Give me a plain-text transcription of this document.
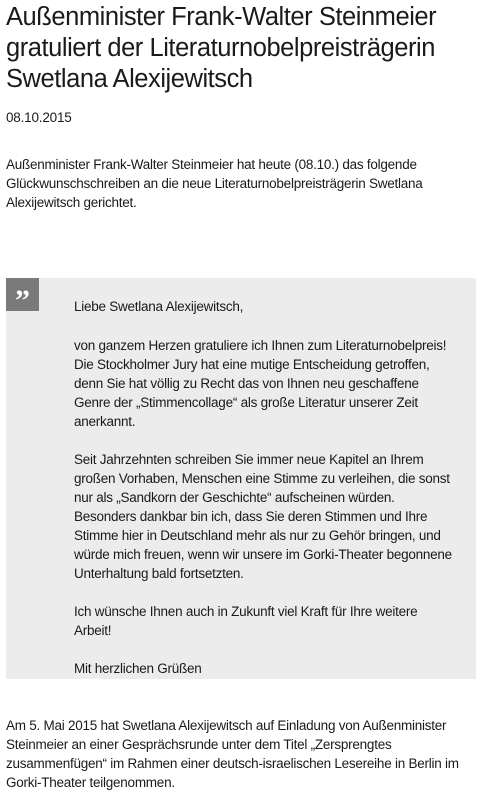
Außenminister Frank-Walter Steinmeier gratuliert der Literaturnobelpreisträgerin Swetlana Alexijewitsch
08.10.2015

Außenminister Frank-Walter Steinmeier hat heute (08.10.) das folgende Glückwunschschreiben an die neue Literaturnobelpreisträgerin Swetlana Alexijewitsch gerichtet.

”	Liebe Swetlana Alexijewitsch,

von ganzem Herzen gratuliere ich Ihnen zum Literaturnobelpreis! Die Stockholmer Jury hat eine mutige Entscheidung getroffen, denn Sie hat völlig zu Recht das von Ihnen neu geschaffene Genre der „Stimmencollage“ als große Literatur unserer Zeit anerkannt.

Seit Jahrzehnten schreiben Sie immer neue Kapitel an Ihrem großen Vorhaben, Menschen eine Stimme zu verleihen, die sonst nur als „Sandkorn der Geschichte“ aufscheinen würden. Besonders dankbar bin ich, dass Sie deren Stimmen und Ihre Stimme hier in Deutschland mehr als nur zu Gehör bringen, und würde mich freuen, wenn wir unsere im Gorki-Theater begonnene Unterhaltung bald fortsetzten.

Ich wünsche Ihnen auch in Zukunft viel Kraft für Ihre weitere Arbeit!

Mit herzlichen Grüßen

Am 5. Mai 2015 hat Swetlana Alexijewitsch auf Einladung von Außenminister Steinmeier an einer Gesprächsrunde unter dem Titel „Zersprengtes zusammenfügen“ im Rahmen einer deutsch-israelischen Lesereihe in Berlin im Gorki-Theater teilgenommen.
